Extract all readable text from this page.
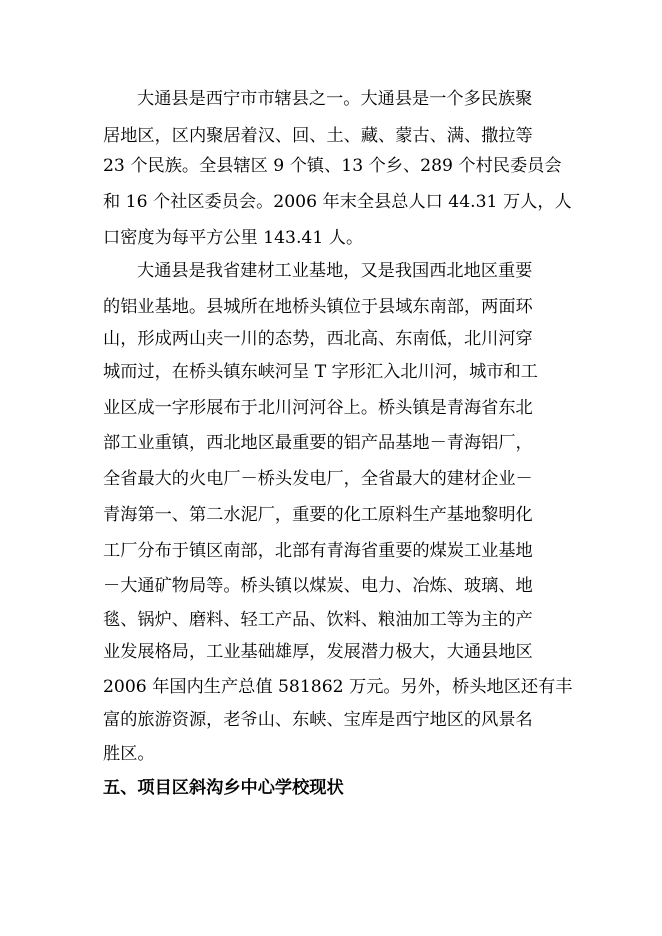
大通县是西宁市市辖县之一。大通县是一个多民族聚
居地区，区内聚居着汉、回、土、藏、蒙古、满、撒拉等
23 个民族。全县辖区 9 个镇、13 个乡、289 个村民委员会
和 16 个社区委员会。2006 年末全县总人口 44.31 万人，人
口密度为每平方公里 143.41 人。
大通县是我省建材工业基地，又是我国西北地区重要
的铝业基地。县城所在地桥头镇位于县域东南部，两面环
山，形成两山夹一川的态势，西北高、东南低，北川河穿
城而过，在桥头镇东峡河呈 T 字形汇入北川河，城市和工
业区成一字形展布于北川河河谷上。桥头镇是青海省东北
部工业重镇，西北地区最重要的铝产品基地－青海铝厂，
全省最大的火电厂－桥头发电厂，全省最大的建材企业－
青海第一、第二水泥厂，重要的化工原料生产基地黎明化
工厂分布于镇区南部，北部有青海省重要的煤炭工业基地
－大通矿物局等。桥头镇以煤炭、电力、冶炼、玻璃、地
毯、锅炉、磨料、轻工产品、饮料、粮油加工等为主的产
业发展格局，工业基础雄厚，发展潜力极大，大通县地区
2006 年国内生产总值 581862 万元。另外，桥头地区还有丰
富的旅游资源，老爷山、东峡、宝库是西宁地区的风景名
胜区。
五、项目区斜沟乡中心学校现状
